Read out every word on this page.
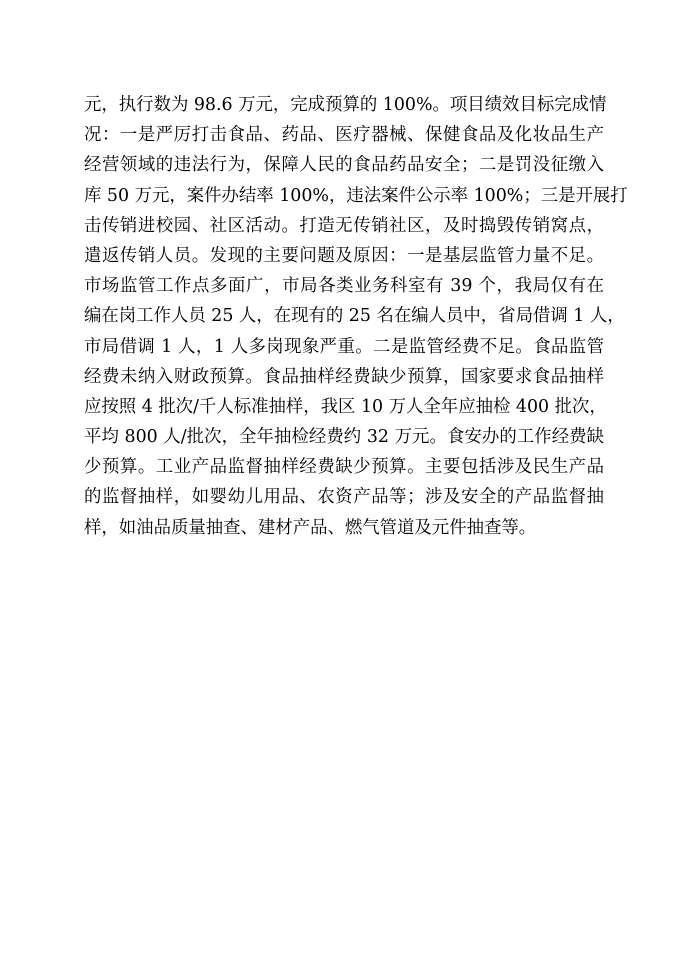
元，执行数为 98.6 万元，完成预算的 100%。项目绩效目标完成情
况：一是严厉打击食品、药品、医疗器械、保健食品及化妆品生产
经营领域的违法行为，保障人民的食品药品安全；二是罚没征缴入
库 50 万元，案件办结率 100%，违法案件公示率 100%；三是开展打
击传销进校园、社区活动。打造无传销社区，及时捣毁传销窝点，
遣返传销人员。发现的主要问题及原因：一是基层监管力量不足。
市场监管工作点多面广，市局各类业务科室有 39 个，我局仅有在
编在岗工作人员 25 人，在现有的 25 名在编人员中，省局借调 1 人，
市局借调 1 人，1 人多岗现象严重。二是监管经费不足。食品监管
经费未纳入财政预算。食品抽样经费缺少预算，国家要求食品抽样
应按照 4 批次/千人标准抽样，我区 10 万人全年应抽检 400 批次，
平均 800 人/批次，全年抽检经费约 32 万元。食安办的工作经费缺
少预算。工业产品监督抽样经费缺少预算。主要包括涉及民生产品
的监督抽样，如婴幼儿用品、农资产品等；涉及安全的产品监督抽
样，如油品质量抽查、建材产品、燃气管道及元件抽查等。
